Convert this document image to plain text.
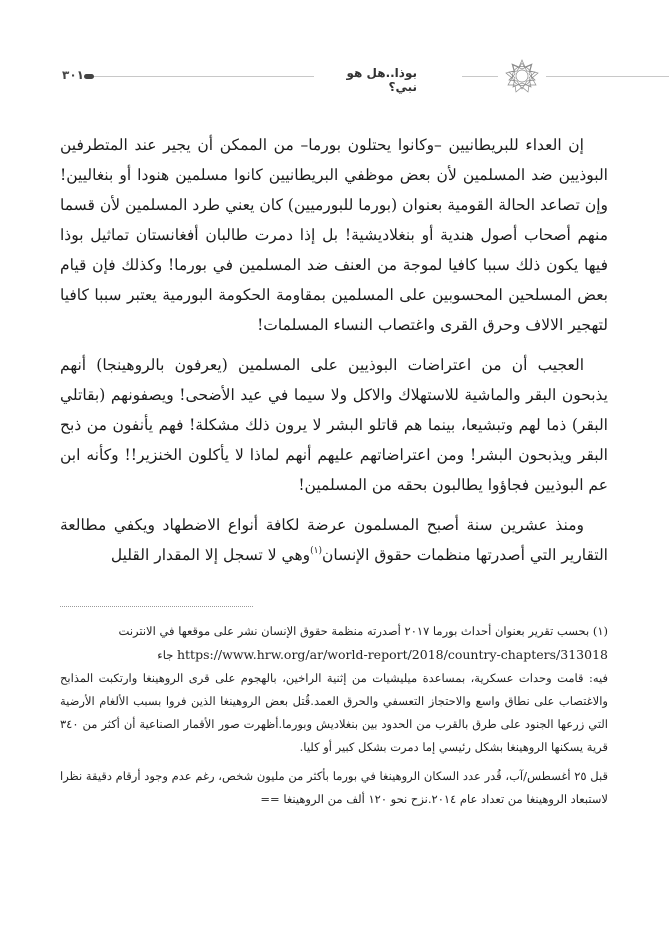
٣٠١	بوذا..هل هو نبي؟

إن العداء للبريطانيين –وكانوا يحتلون بورما– من الممكن أن يجير عند المتطرفين البوذيين ضد المسلمين لأن بعض موظفي البريطانيين كانوا مسلمين هنودا أو بنغاليين! وإن تصاعد الحالة القومية بعنوان (بورما للبورميين) كان يعني طرد المسلمين لأن قسما منهم أصحاب أصول هندية أو بنغلاديشية! بل إذا دمرت طالبان أفغانستان تماثيل بوذا فيها يكون ذلك سببا كافيا لموجة من العنف ضد المسلمين في بورما! وكذلك فإن قيام بعض المسلحين المحسوبين على المسلمين بمقاومة الحكومة البورمية يعتبر سببا كافيا لتهجير الالاف وحرق القرى واغتصاب النساء المسلمات!

العجيب أن من اعتراضات البوذيين على المسلمين (يعرفون بالروهينجا) أنهم يذبحون البقر والماشية للاستهلاك والاكل ولا سيما في عيد الأضحى! ويصفونهم (بقاتلي البقر) ذما لهم وتبشيعا، بينما هم قاتلو البشر لا يرون ذلك مشكلة! فهم يأنفون من ذبح البقر ويذبحون البشر! ومن اعتراضاتهم عليهم أنهم لماذا لا يأكلون الخنزير!! وكأنه ابن عم البوذيين فجاؤوا يطالبون بحقه من المسلمين!

ومنذ عشرين سنة أصبح المسلمون عرضة لكافة أنواع الاضطهاد ويكفي مطالعة التقارير التي أصدرتها منظمات حقوق الإنسان$^{(١)}$وهي لا تسجل إلا المقدار القليل

(١) بحسب تقرير بعنوان أحداث بورما ٢٠١٧ أصدرته منظمة حقوق الإنسان نشر على موقعها في الانترنت
https://www.hrw.org/ar/world-report/2018/country-chapters/313018 جاء
فيه: قامت وحدات عسكرية، بمساعدة ميليشيات من إثنية الراخين، بالهجوم على قرى الروهينغا وارتكبت المذابح والاغتصاب على نطاق واسع والاحتجاز التعسفي والحرق العمد.قُتل بعض الروهينغا الذين فروا بسبب الألغام الأرضية التي زرعها الجنود على طرق بالقرب من الحدود بين بنغلاديش وبورما.أظهرت صور الأقمار الصناعية أن أكثر من ٣٤٠ قرية يسكنها الروهينغا بشكل رئيسي إما دمرت بشكل كبير أو كليا.
قبل ٢٥ أغسطس/آب، قُدر عدد السكان الروهينغا في بورما بأكثر من مليون شخص، رغم عدم وجود أرقام دقيقة نظرا لاستبعاد الروهينغا من تعداد عام ٢٠١٤.نزح نحو ١٢٠ ألف من الروهينغا ==
